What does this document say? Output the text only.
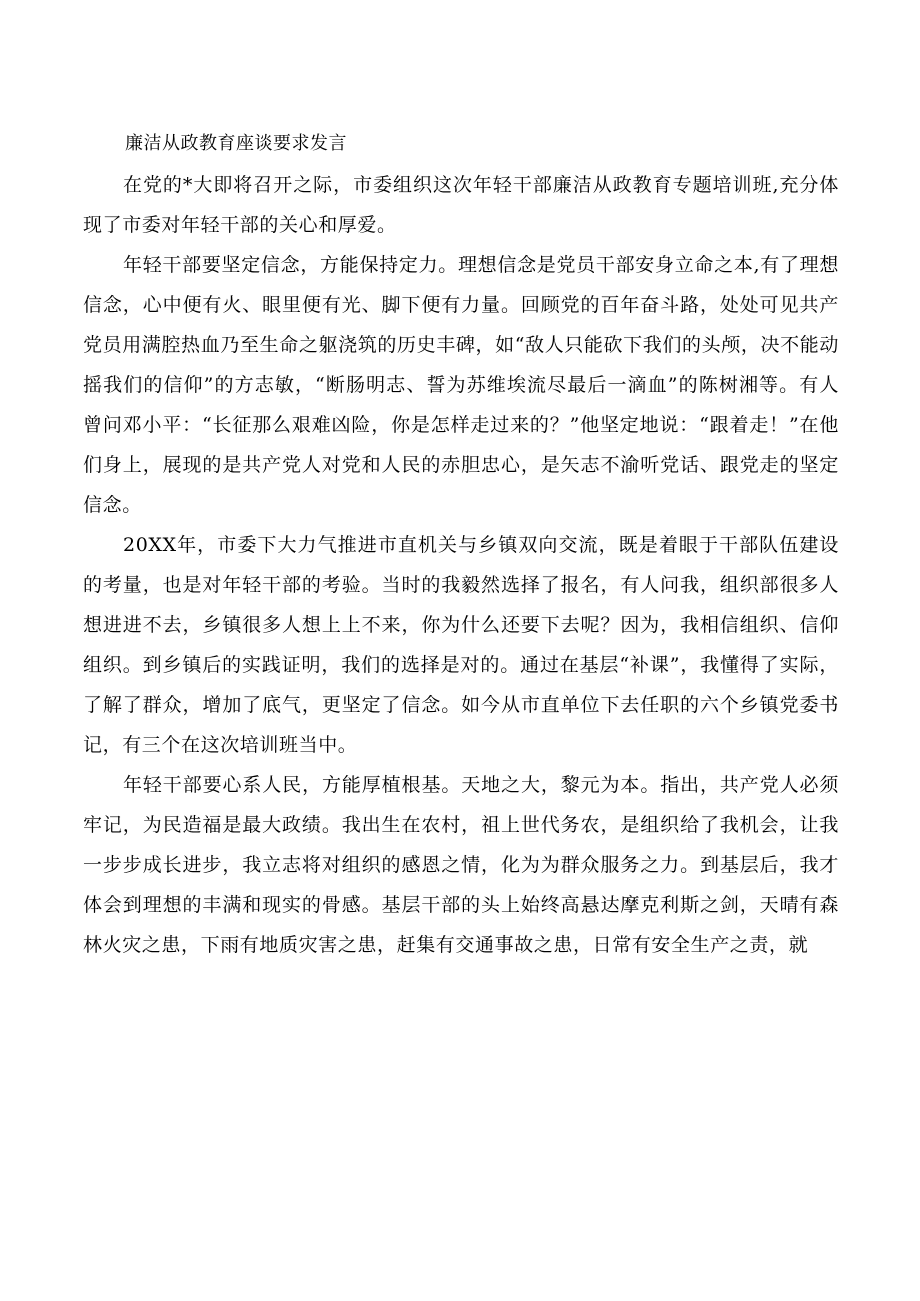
廉洁从政教育座谈要求发言

在党的*大即将召开之际，市委组织这次年轻干部廉洁从政教育专题培训班,充分体现了市委对年轻干部的关心和厚爱。

年轻干部要坚定信念，方能保持定力。理想信念是党员干部安身立命之本,有了理想信念，心中便有火、眼里便有光、脚下便有力量。回顾党的百年奋斗路，处处可见共产党员用满腔热血乃至生命之躯浇筑的历史丰碑，如“敌人只能砍下我们的头颅，决不能动摇我们的信仰”的方志敏，“断肠明志、誓为苏维埃流尽最后一滴血”的陈树湘等。有人曾问邓小平：“长征那么艰难凶险，你是怎样走过来的？”他坚定地说：“跟着走！”在他们身上，展现的是共产党人对党和人民的赤胆忠心，是矢志不渝听党话、跟党走的坚定信念。

20XX年，市委下大力气推进市直机关与乡镇双向交流，既是着眼于干部队伍建设的考量，也是对年轻干部的考验。当时的我毅然选择了报名，有人问我，组织部很多人想进进不去，乡镇很多人想上上不来，你为什么还要下去呢？因为，我相信组织、信仰组织。到乡镇后的实践证明，我们的选择是对的。通过在基层“补课”，我懂得了实际，了解了群众，增加了底气，更坚定了信念。如今从市直单位下去任职的六个乡镇党委书记，有三个在这次培训班当中。

年轻干部要心系人民，方能厚植根基。天地之大，黎元为本。指出，共产党人必须牢记，为民造福是最大政绩。我出生在农村，祖上世代务农，是组织给了我机会，让我一步步成长进步，我立志将对组织的感恩之情，化为为群众服务之力。到基层后，我才体会到理想的丰满和现实的骨感。基层干部的头上始终高悬达摩克利斯之剑，天晴有森林火灾之患，下雨有地质灾害之患，赶集有交通事故之患，日常有安全生产之责，就
